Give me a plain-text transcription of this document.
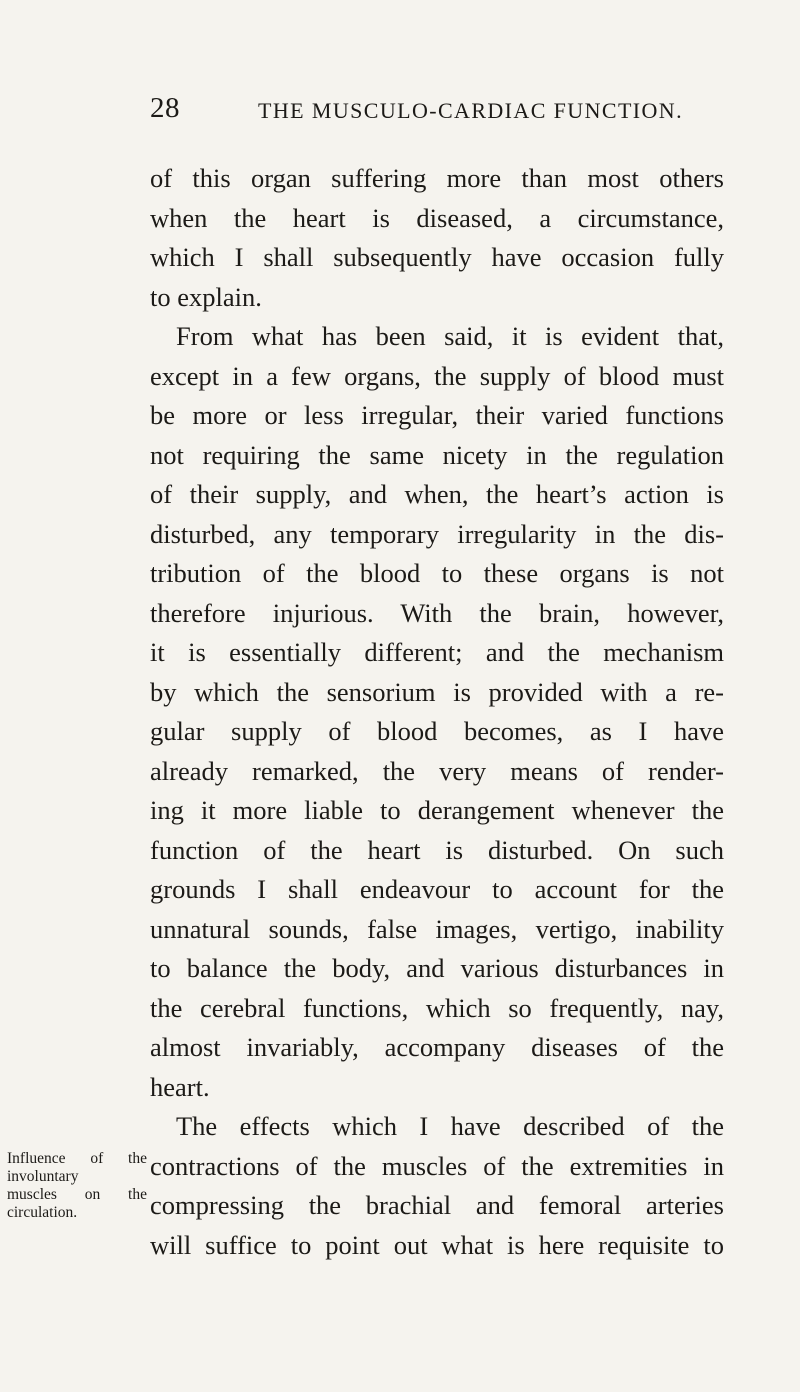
28	THE MUSCULO-CARDIAC FUNCTION.
Influence of the
involuntary
muscles on the
circulation.
of this organ suffering more than most others
when the heart is diseased, a circumstance,
which I shall subsequently have occasion fully
to explain.
From what has been said, it is evident that,
except in a few organs, the supply of blood must
be more or less irregular, their varied functions
not requiring the same nicety in the regulation
of their supply, and when, the heart’s action is
disturbed, any temporary irregularity in the dis-
tribution of the blood to these organs is not
therefore injurious. With the brain, however,
it is essentially different; and the mechanism
by which the sensorium is provided with a re-
gular supply of blood becomes, as I have
already remarked, the very means of render-
ing it more liable to derangement whenever the
function of the heart is disturbed. On such
grounds I shall endeavour to account for the
unnatural sounds, false images, vertigo, inability
to balance the body, and various disturbances in
the cerebral functions, which so frequently, nay,
almost invariably, accompany diseases of the
heart.
The effects which I have described of the
contractions of the muscles of the extremities in
compressing the brachial and femoral arteries
will suffice to point out what is here requisite to
